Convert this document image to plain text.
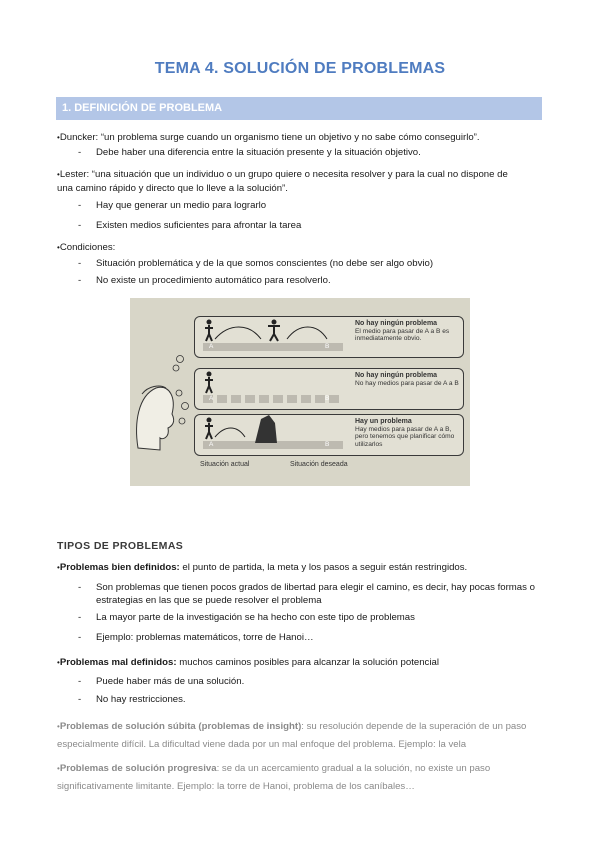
TEMA 4. SOLUCIÓN DE PROBLEMAS
1. DEFINICIÓN DE PROBLEMA
•Duncker: “un problema surge cuando un organismo tiene un objetivo y no sabe cómo conseguirlo”.
- Debe haber una diferencia entre la situación presente y la situación objetivo.
•Lester: “una situación que un individuo o un grupo quiere o necesita resolver y para la cual no dispone de
una camino rápido y directo que lo lleve a la solución”.
- Hay que generar un medio para lograrlo
- Existen medios suficientes para afrontar la tarea
•Condiciones:
- Situación problemática y de la que somos conscientes (no debe ser algo obvio)
- No existe un procedimiento automático para resolverlo.
A	B
No hay ningún problema
El medio para pasar de A a B es inmediatamente obvio.
A	B
No hay ningún problema
No hay medios para pasar de A a B
A	B
Hay un problema
Hay medios para pasar de A a B, pero tenemos que planificar cómo utilizarlos
Situación actual	Situación deseada
TIPOS DE PROBLEMAS
•Problemas bien definidos: el punto de partida, la meta y los pasos a seguir están restringidos.
- Son problemas que tienen pocos grados de libertad para elegir el camino, es decir, hay pocas formas o estrategias en las que se puede resolver el problema
- La mayor parte de la investigación se ha hecho con este tipo de problemas
- Ejemplo: problemas matemáticos, torre de Hanoi…
•Problemas mal definidos: muchos caminos posibles para alcanzar la solución potencial
- Puede haber más de una solución.
- No hay restricciones.
•Problemas de solución súbita (problemas de insight): su resolución depende de la superación de un paso especialmente difícil. La dificultad viene dada por un mal enfoque del problema. Ejemplo: la vela
•Problemas de solución progresiva: se da un acercamiento gradual a la solución, no existe un paso significativamente limitante. Ejemplo: la torre de Hanoi, problema de los caníbales…
